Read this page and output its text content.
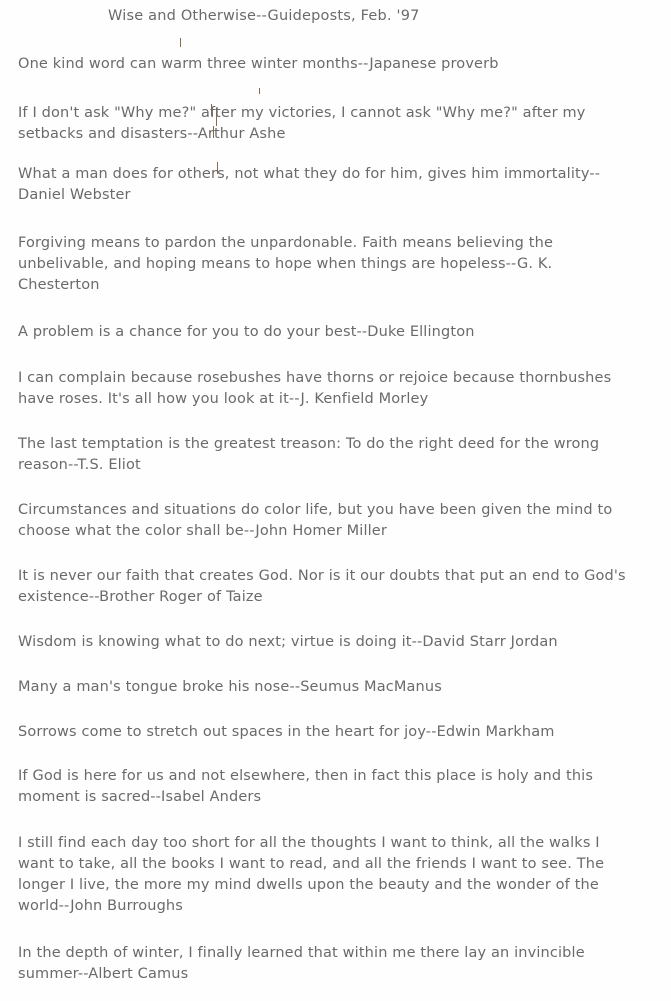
Wise and Otherwise--Guideposts, Feb. '97

One kind word can warm three winter months--Japanese proverb

If I don't ask "Why me?" after my victories, I cannot ask "Why me?" after my
setbacks and disasters--Arthur Ashe

What a man does for others, not what they do for him, gives him immortality--
Daniel Webster

Forgiving means to pardon the unpardonable. Faith means believing the
unbelivable, and hoping means to hope when things are hopeless--G. K.
Chesterton

A problem is a chance for you to do your best--Duke Ellington

I can complain because rosebushes have thorns or rejoice because thornbushes
have roses. It's all how you look at it--J. Kenfield Morley

The last temptation is the greatest treason: To do the right deed for the wrong
reason--T.S. Eliot

Circumstances and situations do color life, but you have been given the mind to
choose what the color shall be--John Homer Miller

It is never our faith that creates God. Nor is it our doubts that put an end to God's
existence--Brother Roger of Taize

Wisdom is knowing what to do next; virtue is doing it--David Starr Jordan

Many a man's tongue broke his nose--Seumus MacManus

Sorrows come to stretch out spaces in the heart for joy--Edwin Markham

If God is here for us and not elsewhere, then in fact this place is holy and this
moment is sacred--Isabel Anders

I still find each day too short for all the thoughts I want to think, all the walks I
want to take, all the books I want to read, and all the friends I want to see. The
longer I live, the more my mind dwells upon the beauty and the wonder of the
world--John Burroughs

In the depth of winter, I finally learned that within me there lay an invincible
summer--Albert Camus
